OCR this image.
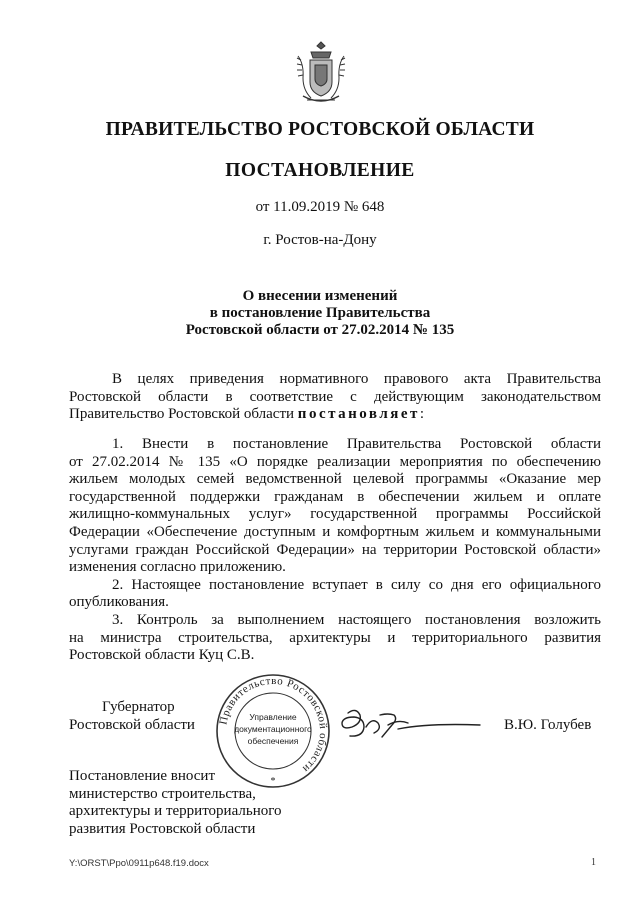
ПРАВИТЕЛЬСТВО РОСТОВСКОЙ ОБЛАСТИ
ПОСТАНОВЛЕНИЕ
от 11.09.2019 № 648
г. Ростов-на-Дону
О внесении изменений
в постановление Правительства
Ростовской области от 27.02.2014 № 135
В целях приведения нормативного правового акта Правительства
Ростовской области в соответствие с действующим законодательством
Правительство Ростовской области постановляет:
1. Внести в постановление Правительства Ростовской области
от 27.02.2014 № 135 «О порядке реализации мероприятия по обеспечению
жильем молодых семей ведомственной целевой программы «Оказание мер
государственной поддержки гражданам в обеспечении жильем и оплате
жилищно-коммунальных услуг» государственной программы Российской
Федерации «Обеспечение доступным и комфортным жильем и коммунальными
услугами граждан Российской Федерации» на территории Ростовской области»
изменения согласно приложению.
2. Настоящее постановление вступает в силу со дня его официального
опубликования.
3. Контроль за выполнением настоящего постановления возложить
на министра строительства, архитектуры и территориального развития
Ростовской области Куц С.В.
Губернатор
Ростовской области Правительство Ростовской области
Управление
документационного
обеспечения
*
В.Ю. Голубев
Постановление вносит
министерство строительства,
архитектуры и территориального
развития Ростовской области
Y:\ORST\Ppo\0911p648.f19.docx	1
